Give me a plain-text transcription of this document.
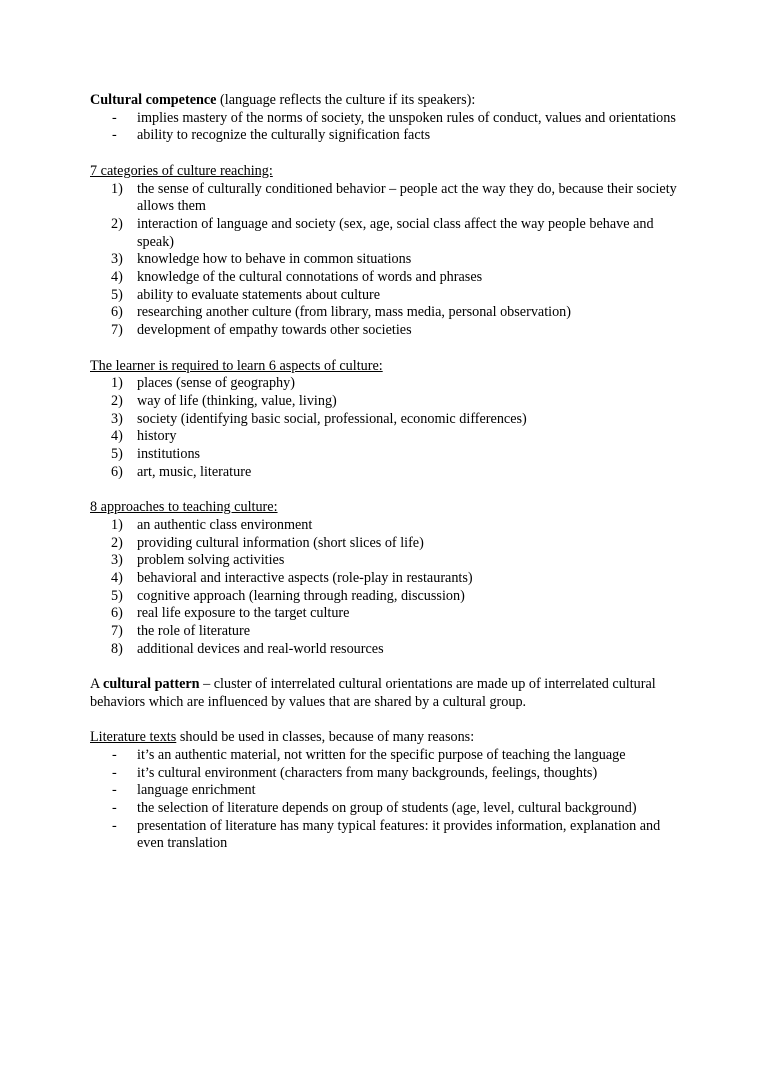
Cultural competence (language reflects the culture if its speakers):

- implies mastery of the norms of society, the unspoken rules of conduct, values and orientations
- ability to recognize the culturally signification facts

7 categories of culture reaching:

1) the sense of culturally conditioned behavior – people act the way they do, because their society allows them
2) interaction of language and society (sex, age, social class affect the way people behave and speak)
3) knowledge how to behave in common situations
4) knowledge of the cultural connotations of words and phrases
5) ability to evaluate statements about culture
6) researching another culture (from library, mass media, personal observation)
7) development of empathy towards other societies

The learner is required to learn 6 aspects of culture:

1) places (sense of geography)
2) way of life (thinking, value, living)
3) society (identifying basic social, professional, economic differences)
4) history
5) institutions
6) art, music, literature

8 approaches to teaching culture:

1) an authentic class environment
2) providing cultural information (short slices of life)
3) problem solving activities
4) behavioral and interactive aspects (role-play in restaurants)
5) cognitive approach (learning through reading, discussion)
6) real life exposure to the target culture
7) the role of literature
8) additional devices and real-world resources

A cultural pattern – cluster of interrelated cultural orientations are made up of interrelated cultural behaviors which are influenced by values that are shared by a cultural group.

Literature texts should be used in classes, because of many reasons:

- it’s an authentic material, not written for the specific purpose of teaching the language
- it’s cultural environment (characters from many backgrounds, feelings, thoughts)
- language enrichment
- the selection of literature depends on group of students (age, level, cultural background)
- presentation of literature has many typical features: it provides information, explanation and even translation
